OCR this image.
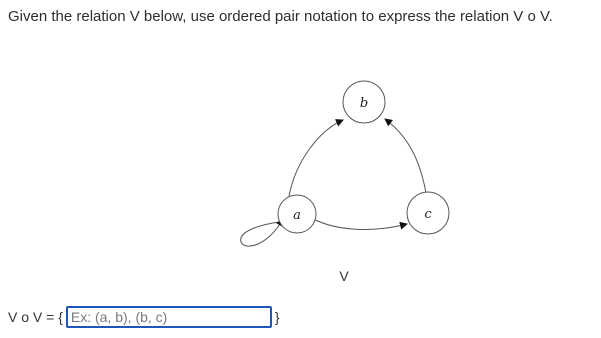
Given the relation V below, use ordered pair notation to express the relation V o V.
b
a	c
V
V o V = {
Ex: (a, b), (b, c)	}
